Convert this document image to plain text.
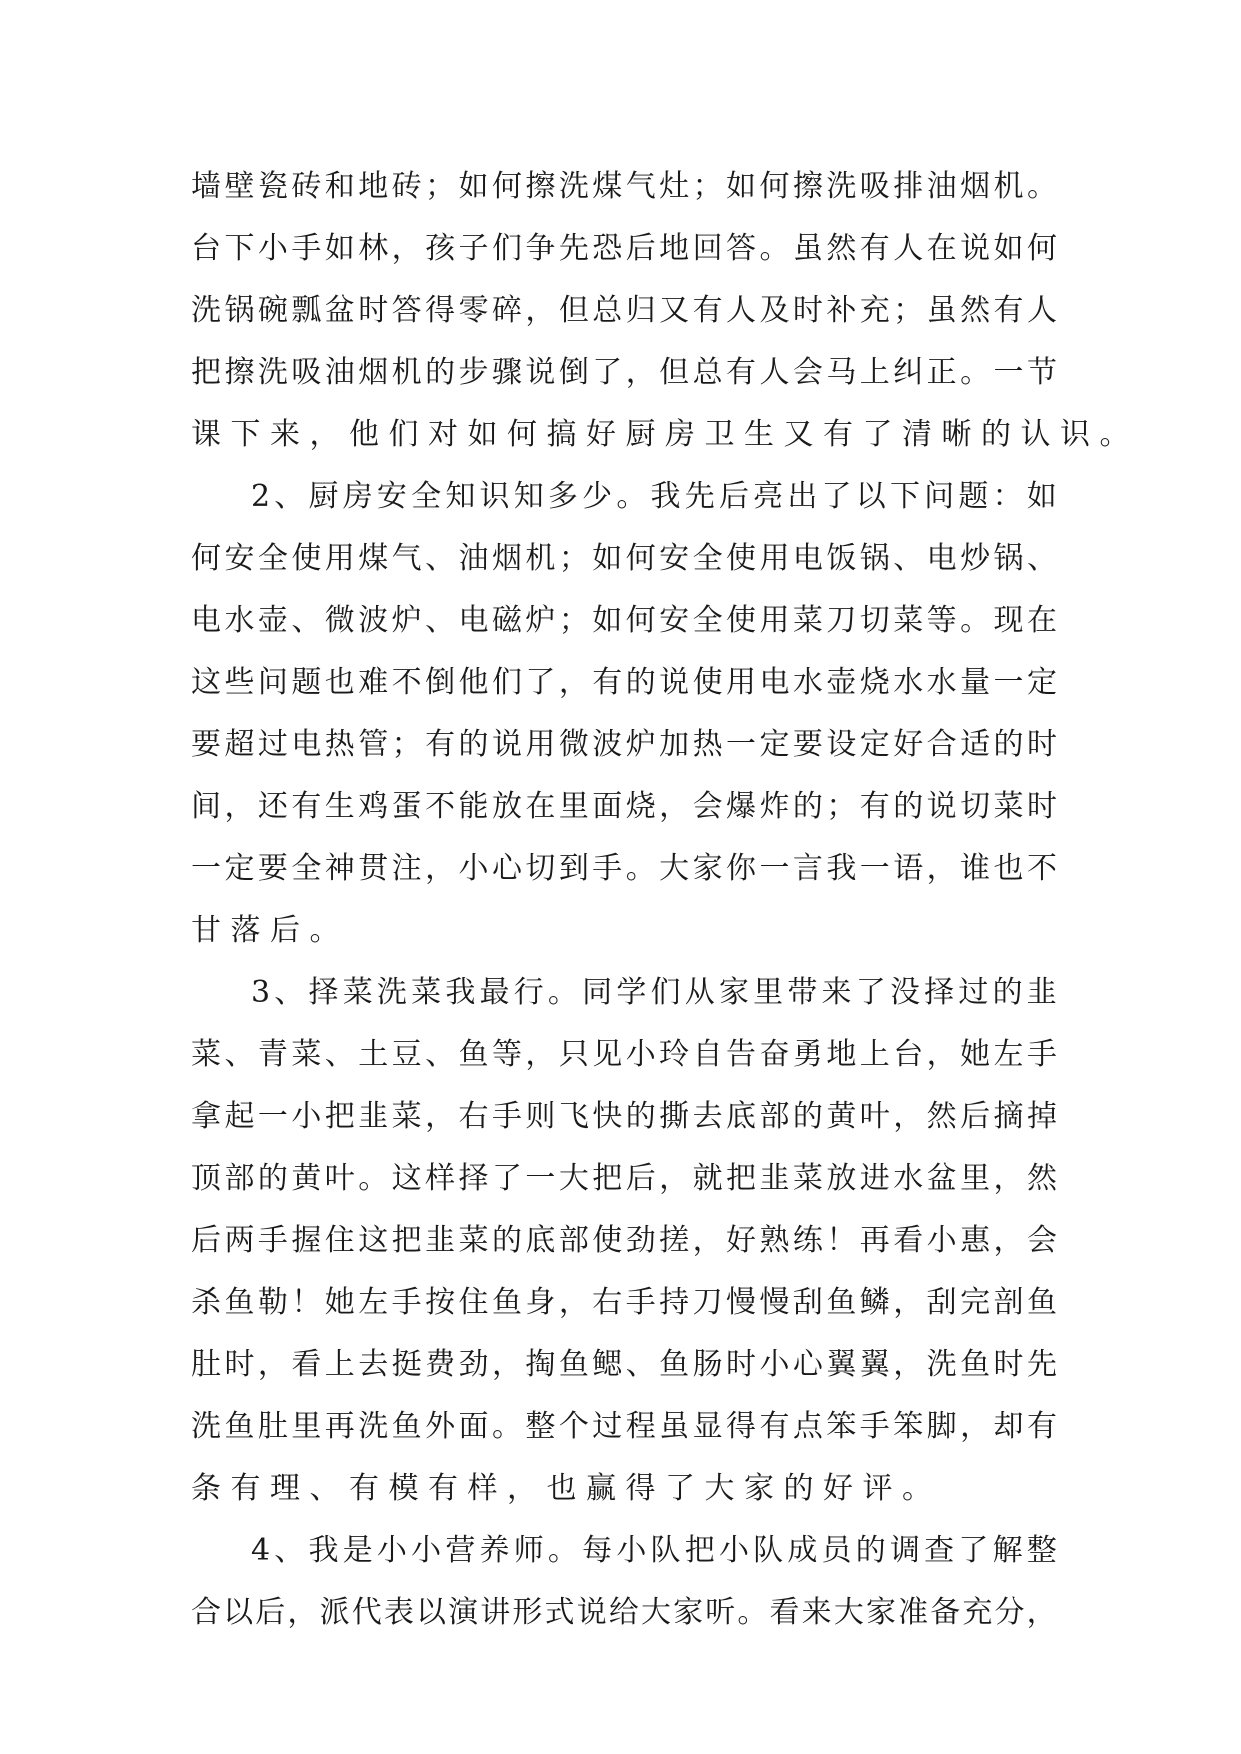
墙 壁 瓷 砖 和 地 砖 ； 如 何 擦 洗 煤 气 灶 ； 如 何 擦 洗 吸 排 油 烟 机 。
台 下 小 手 如 林 ， 孩 子 们 争 先 恐 后 地 回 答 。 虽 然 有 人 在 说 如 何
洗 锅 碗 瓢 盆 时 答 得 零 碎 ， 但 总 归 又 有 人 及 时 补 充 ； 虽 然 有 人
把 擦 洗 吸 油 烟 机 的 步 骤 说 倒 了 ， 但 总 有 人 会 马 上 纠 正 。 一 节
课下来，他们对如何搞好厨房卫生又有了清晰的认识。
2 、 厨 房 安 全 知 识 知 多 少 。 我 先 后 亮 出 了 以 下 问 题 ： 如
何 安 全 使 用 煤 气 、 油 烟 机 ； 如 何 安 全 使 用 电 饭 锅 、 电 炒 锅 、
电 水 壶 、 微 波 炉 、 电 磁 炉 ； 如 何 安 全 使 用 菜 刀 切 菜 等 。 现 在
这 些 问 题 也 难 不 倒 他 们 了 ， 有 的 说 使 用 电 水 壶 烧 水 水 量 一 定
要 超 过 电 热 管 ； 有 的 说 用 微 波 炉 加 热 一 定 要 设 定 好 合 适 的 时
间 ， 还 有 生 鸡 蛋 不 能 放 在 里 面 烧 ， 会 爆 炸 的 ； 有 的 说 切 菜 时
一 定 要 全 神 贯 注 ， 小 心 切 到 手 。 大 家 你 一 言 我 一 语 ， 谁 也 不
甘落后。
3 、 择 菜 洗 菜 我 最 行 。 同 学 们 从 家 里 带 来 了 没 择 过 的 韭
菜 、 青 菜 、 土 豆 、 鱼 等 ， 只 见 小 玲 自 告 奋 勇 地 上 台 ， 她 左 手
拿 起 一 小 把 韭 菜 ， 右 手 则 飞 快 的 撕 去 底 部 的 黄 叶 ， 然 后 摘 掉
顶 部 的 黄 叶 。 这 样 择 了 一 大 把 后 ， 就 把 韭 菜 放 进 水 盆 里 ， 然
后 两 手 握 住 这 把 韭 菜 的 底 部 使 劲 搓 ， 好 熟 练 ！ 再 看 小 惠 ， 会
杀 鱼 勒 ！ 她 左 手 按 住 鱼 身 ， 右 手 持 刀 慢 慢 刮 鱼 鳞 ， 刮 完 剖 鱼
肚 时 ， 看 上 去 挺 费 劲 ， 掏 鱼 鳃 、 鱼 肠 时 小 心 翼 翼 ， 洗 鱼 时 先
洗 鱼 肚 里 再 洗 鱼 外 面 。 整 个 过 程 虽 显 得 有 点 笨 手 笨 脚 ， 却 有
条有理、有模有样，也赢得了大家的好评。
4 、 我 是 小 小 营 养 师 。 每 小 队 把 小 队 成 员 的 调 查 了 解 整
合 以 后 ， 派 代 表 以 演 讲 形 式 说 给 大 家 听 。 看 来 大 家 准 备 充 分 ，
